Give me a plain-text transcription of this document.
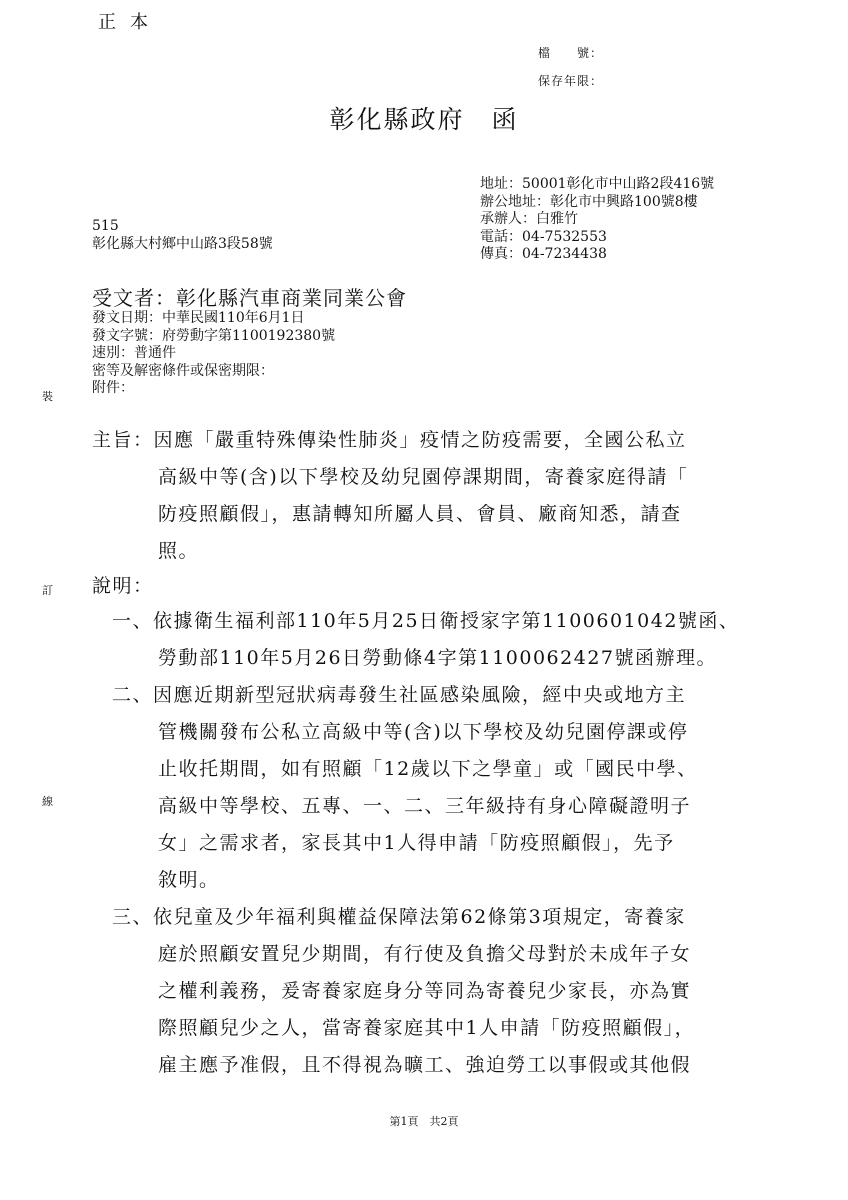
正本
檔　　號：
保存年限：
彰化縣政府　函
地址：50001彰化市中山路2段416號
辦公地址：彰化市中興路100號8樓
承辦人：白雅竹
電話：04-7532553
傳真：04-7234438
515
彰化縣大村鄉中山路3段58號
受文者：彰化縣汽車商業同業公會
發文日期：中華民國110年6月1日
發文字號：府勞動字第1100192380號
速別：普通件
密等及解密條件或保密期限：
附件：
裝
訂
線
主旨：因應「嚴重特殊傳染性肺炎」疫情之防疫需要，全國公私立
高級中等(含)以下學校及幼兒園停課期間，寄養家庭得請「
防疫照顧假」，惠請轉知所屬人員、會員、廠商知悉，請查
照。
說明：
一、依據衛生福利部110年5月25日衛授家字第1100601042號函、
勞動部110年5月26日勞動條4字第1100062427號函辦理。
二、因應近期新型冠狀病毒發生社區感染風險，經中央或地方主
管機關發布公私立高級中等(含)以下學校及幼兒園停課或停
止收托期間，如有照顧「12歲以下之學童」或「國民中學、
高級中等學校、五專、一、二、三年級持有身心障礙證明子
女」之需求者，家長其中1人得申請「防疫照顧假」，先予
敘明。
三、依兒童及少年福利與權益保障法第62條第3項規定，寄養家
庭於照顧安置兒少期間，有行使及負擔父母對於未成年子女
之權利義務，爰寄養家庭身分等同為寄養兒少家長，亦為實
際照顧兒少之人，當寄養家庭其中1人申請「防疫照顧假」，
雇主應予准假，且不得視為曠工、強迫勞工以事假或其他假
第1頁　共2頁
